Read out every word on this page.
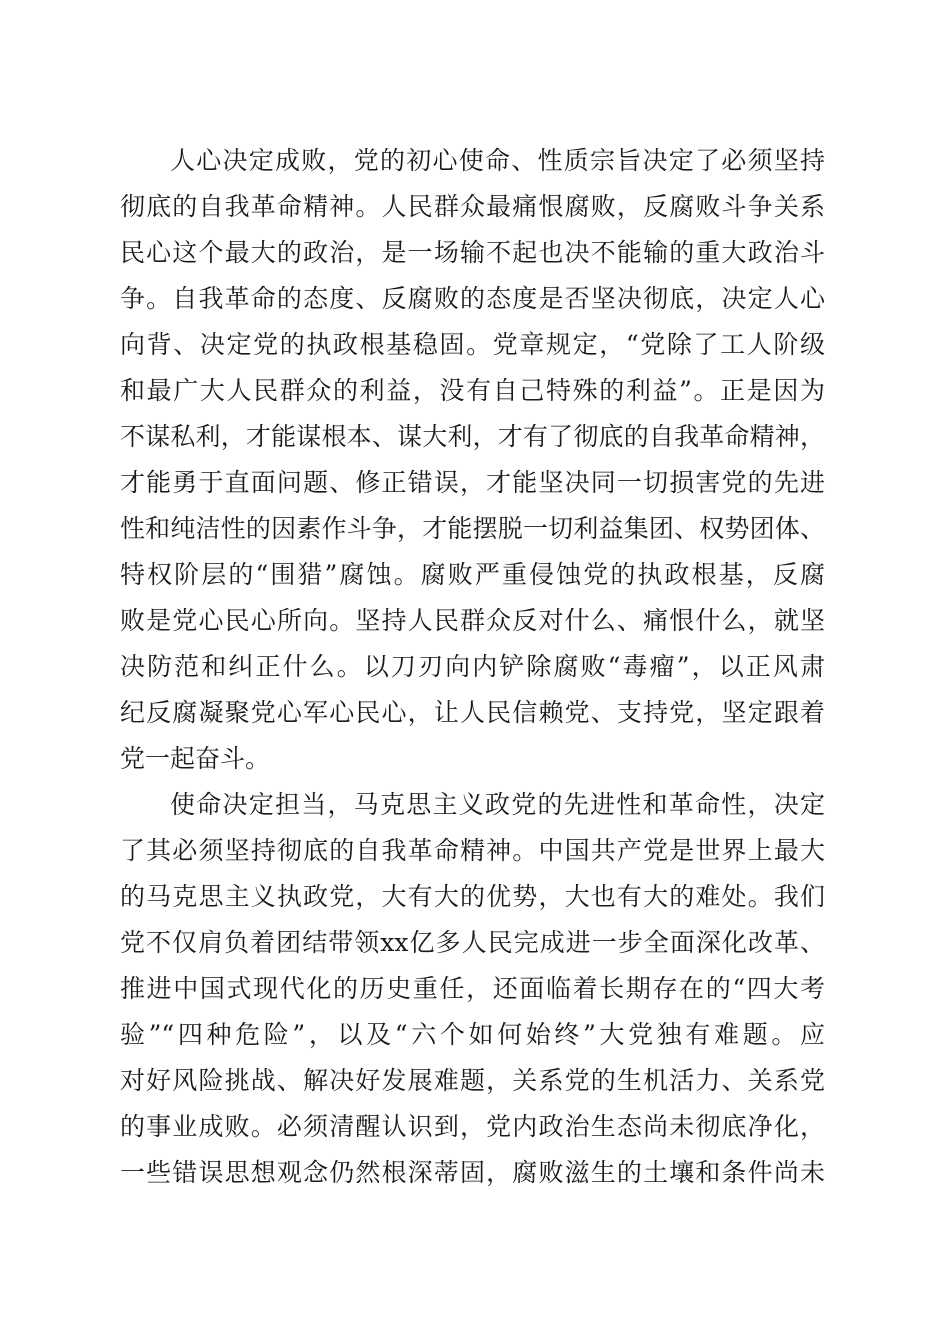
人心决定成败，党的初心使命、性质宗旨决定了必须坚持
彻底的自我革命精神。人民群众最痛恨腐败，反腐败斗争关系
民心这个最大的政治，是一场输不起也决不能输的重大政治斗
争。自我革命的态度、反腐败的态度是否坚决彻底，决定人心
向背、决定党的执政根基稳固。党章规定，“党除了工人阶级
和最广大人民群众的利益，没有自己特殊的利益”。正是因为
不谋私利，才能谋根本、谋大利，才有了彻底的自我革命精神，
才能勇于直面问题、修正错误，才能坚决同一切损害党的先进
性和纯洁性的因素作斗争，才能摆脱一切利益集团、权势团体、
特权阶层的“围猎”腐蚀。腐败严重侵蚀党的执政根基，反腐
败是党心民心所向。坚持人民群众反对什么、痛恨什么，就坚
决防范和纠正什么。以刀刃向内铲除腐败“毒瘤”，以正风肃
纪反腐凝聚党心军心民心，让人民信赖党、支持党，坚定跟着
党一起奋斗。
使命决定担当，马克思主义政党的先进性和革命性，决定
了其必须坚持彻底的自我革命精神。中国共产党是世界上最大
的马克思主义执政党，大有大的优势，大也有大的难处。我们
党不仅肩负着团结带领xx亿多人民完成进一步全面深化改革、
推进中国式现代化的历史重任，还面临着长期存在的“四大考
验”“四种危险”，以及“六个如何始终”大党独有难题。应
对好风险挑战、解决好发展难题，关系党的生机活力、关系党
的事业成败。必须清醒认识到，党内政治生态尚未彻底净化，
一些错误思想观念仍然根深蒂固，腐败滋生的土壤和条件尚未
